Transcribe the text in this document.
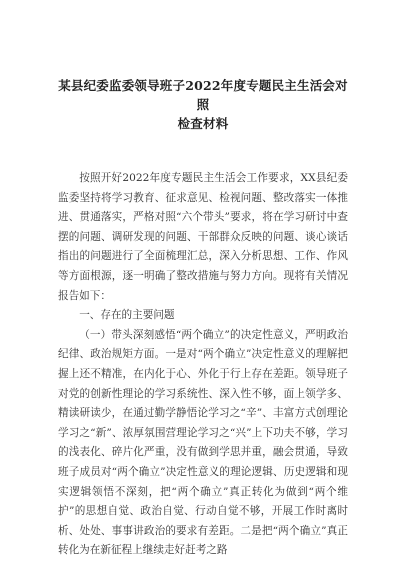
某县纪委监委领导班子2022年度专题民主生活会对照
检查材料

按照开好2022年度专题民主生活会工作要求，XX县纪委监委坚持将学习教育、征求意见、检视问题、整改落实一体推进、贯通落实，严格对照“六个带头”要求，将在学习研讨中查摆的问题、调研发现的问题、干部群众反映的问题、谈心谈话指出的问题进行了全面梳理汇总，深入分析思想、工作、作风等方面根源，逐一明确了整改措施与努力方向。现将有关情况报告如下：

一、存在的主要问题

（一）带头深刻感悟“两个确立”的决定性意义，严明政治纪律、政治规矩方面。一是对“两个确立”决定性意义的理解把握上还不精准，在内化于心、外化于行上存在差距。领导班子对党的创新性理论的学习系统性、深入性不够，面上领学多、精读研读少，在通过勤学静悟论学习之“辛”、丰富方式创理论学习之“新”、浓厚氛围营理论学习之“兴”上下功夫不够，学习的浅表化、碎片化严重，没有做到学思并重，融会贯通，导致班子成员对“两个确立”决定性意义的理论逻辑、历史逻辑和现实逻辑领悟不深刻，把“两个确立”真正转化为做到“两个维护”的思想自觉、政治自觉、行动自觉不够，开展工作时离时析、处处、事事讲政治的要求有差距。二是把“两个确立”真正转化为在新征程上继续走好赶考之路
